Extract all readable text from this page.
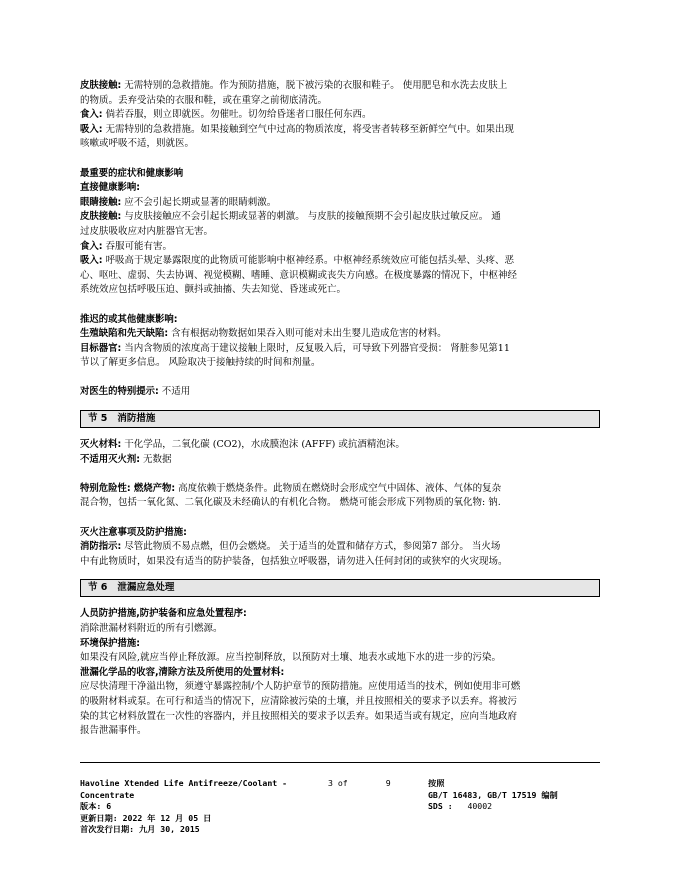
皮肤接触: 无需特别的急救措施。作为预防措施，脱下被污染的衣服和鞋子。 使用肥皂和水洗去皮肤上

的物质。丢弃受沾染的衣服和鞋，或在重穿之前彻底清洗。

食入: 倘若吞服，则立即就医。勿催吐。切勿给昏迷者口服任何东西。

吸入: 无需特别的急救措施。如果接触到空气中过高的物质浓度，将受害者转移至新鲜空气中。如果出现

咳嗽或呼吸不适，则就医。

最重要的症状和健康影响

直接健康影响:

眼睛接触: 应不会引起长期或显著的眼睛刺激。

皮肤接触: 与皮肤接触应不会引起长期或显著的刺激。 与皮肤的接触预期不会引起皮肤过敏反应。 通

过皮肤吸收应对内脏器官无害。

食入: 吞服可能有害。

吸入: 呼吸高于规定暴露限度的此物质可能影响中枢神经系。中枢神经系统效应可能包括头晕、头疼、恶

心、呕吐、虚弱、失去协调、视觉模糊、嗜睡、意识模糊或丧失方向感。在极度暴露的情况下，中枢神经

系统效应包括呼吸压迫、颤抖或抽搐、失去知觉、昏迷或死亡。

推迟的或其他健康影响:

生殖缺陷和先天缺陷: 含有根据动物数据如果吞入则可能对未出生婴儿造成危害的材料。

目标器官: 当内含物质的浓度高于建议接触上限时，反复吸入后，可导致下列器官受损： 肾脏参见第11

节以了解更多信息。 风险取决于接触持续的时间和剂量。

对医生的特别提示: 不适用

节 5 消防措施

灭火材料: 干化学品，二氧化碳 (CO2)，水成膜泡沫 (AFFF) 或抗酒精泡沫。

不适用灭火剂: 无数据

特别危险性: 燃烧产物: 高度依赖于燃烧条件。此物质在燃烧时会形成空气中固体、液体、气体的复杂

混合物，包括一氧化氮、二氧化碳及未经确认的有机化合物。 燃烧可能会形成下列物质的氧化物: 钠.

灭火注意事项及防护措施:

消防指示: 尽管此物质不易点燃，但仍会燃烧。 关于适当的处置和储存方式，参阅第7 部分。 当火场

中有此物质时，如果没有适当的防护装备，包括独立呼吸器，请勿进入任何封闭的或狭窄的火灾现场。

节 6 泄漏应急处理

人员防护措施,防护装备和应急处置程序:

消除泄漏材料附近的所有引燃源。

环境保护措施:

如果没有风险,就应当停止释放源。应当控制释放，以预防对土壤、地表水或地下水的进一步的污染。

泄漏化学品的收容,清除方法及所使用的处置材料:

应尽快清理干净溢出物，须遵守暴露控制/个人防护章节的预防措施。应使用适当的技术，例如使用非可燃

的吸附材料或泵。在可行和适当的情况下，应清除被污染的土壤，并且按照相关的要求予以丢弃。将被污

染的其它材料放置在一次性的容器内，并且按照相关的要求予以丢弃。如果适当或有规定，应向当地政府

报告泄漏事件。

Havoline Xtended Life Antifreeze/Coolant -
Concentrate
版本: 6
更新日期: 2022 年 12 月 05 日
首次发行日期: 九月 30, 2015
3 of	9	按照
GB/T 16483, GB/T 17519 编制
SDS : 40002
